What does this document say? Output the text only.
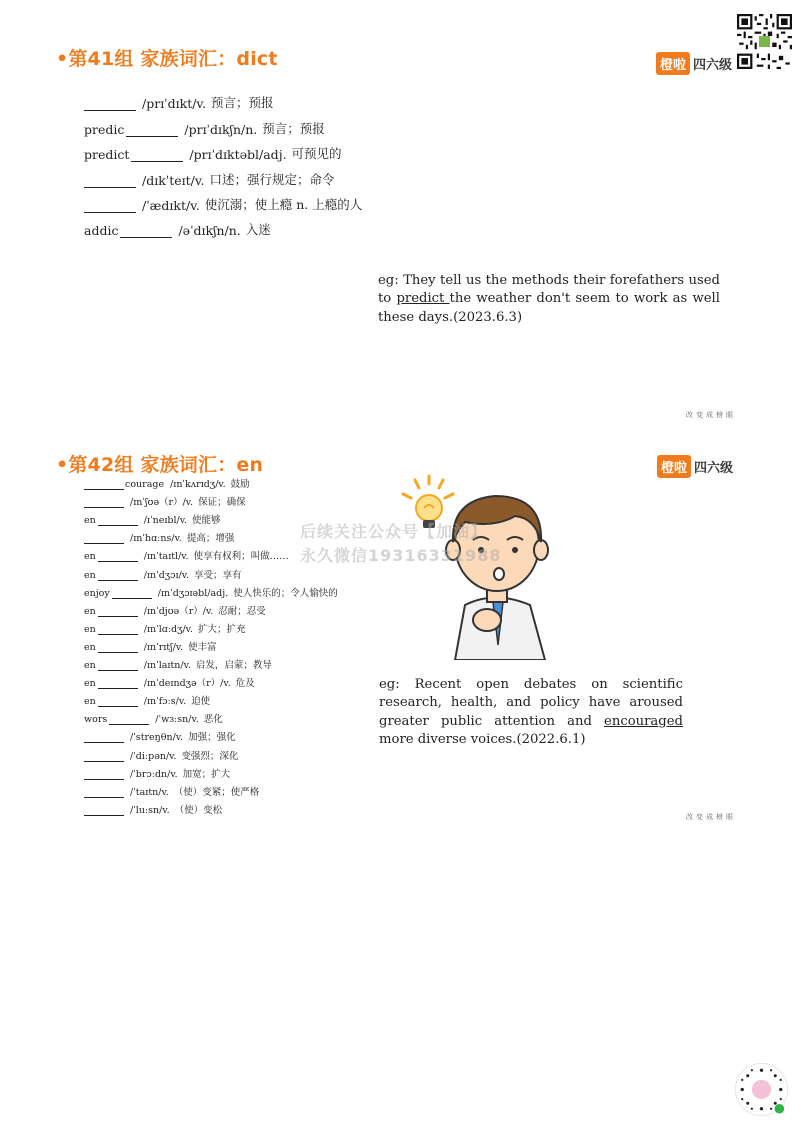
•第41组 家族词汇：dict	橙啦 四六级
/prɪˈdɪkt/v. 预言；预报
predic	/prɪˈdɪkʃn/n. 预言；预报
predict	/prɪˈdɪktəbl/adj. 可预见的
/dɪkˈteɪt/v. 口述；强行规定；命令
/ˈædɪkt/v. 使沉溺；使上瘾 n. 上瘾的人
addic	/əˈdɪkʃn/n. 入迷
eg: They tell us the methods their forefathers used to predict the weather don't seem to work as well these days.(2023.6.3)
改变成榜眼
•第42组 家族词汇：en	橙啦 四六级
courage /ɪnˈkʌrɪdʒ/v. 鼓励
/ɪnˈʃʊə（r）/v. 保证；确保
en	/ɪˈneɪbl/v. 使能够
/ɪnˈhɑːns/v. 提高；增强
en	/ɪnˈtaɪtl/v. 使享有权利；叫做……
en	/ɪnˈdʒɔɪ/v. 享受；享有
enjoy	/ɪnˈdʒɔɪəbl/adj. 使人快乐的；令人愉快的
en	/ɪnˈdjʊə（r）/v. 忍耐；忍受
en	/ɪnˈlɑːdʒ/v. 扩大；扩充
en	/ɪnˈrɪtʃ/v. 使丰富
en	/ɪnˈlaɪtn/v. 启发，启蒙；教导
en	/ɪnˈdeɪndʒə（r）/v. 危及
en	/ɪnˈfɔːs/v. 迫使
wors	/ˈwɜːsn/v. 恶化
/ˈstreŋθn/v. 加强；强化
/ˈdiːpən/v. 变强烈；深化
/ˈbrɔːdn/v. 加宽；扩大
/ˈtaɪtn/v. （使）变紧；使严格
/ˈluːsn/v. （使）变松
eg: Recent open debates on scientific research, health, and policy have aroused greater public attention and encouraged more diverse voices.(2022.6.1)
改变成榜眼
后续关注公众号【加油】
永久微信19316331988
